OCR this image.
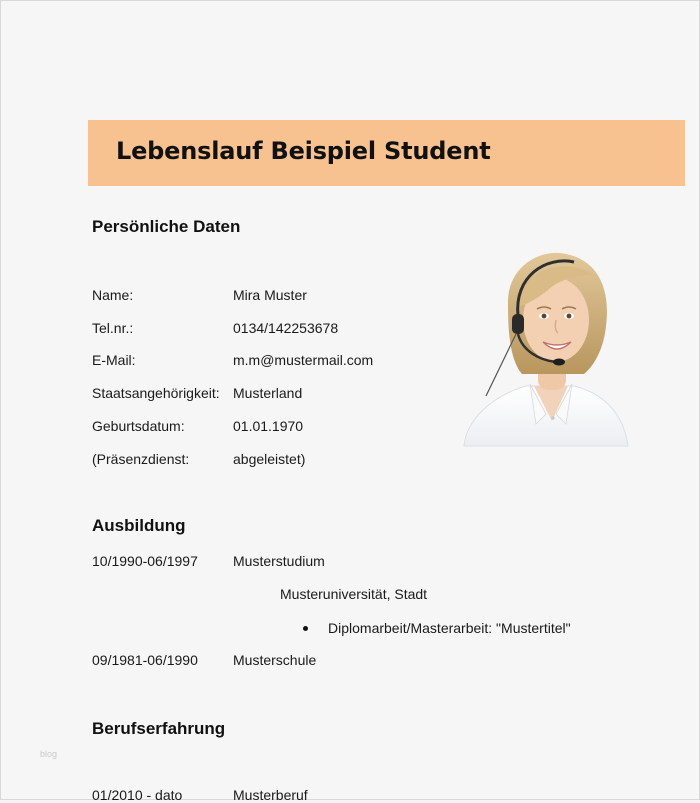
Lebenslauf Beispiel Student
Persönliche Daten
Name:	Mira Muster
Tel.nr.:	0134/142253678
E-Mail:	m.m@mustermail.com
Staatsangehörigkeit: Musterland
Geburtsdatum:	01.01.1970
(Präsenzdienst:	abgeleistet)
Ausbildung
10/1990-06/1997	Musterstudium
Musteruniversität, Stadt
Diplomarbeit/Masterarbeit: "Mustertitel"
09/1981-06/1990	Musterschule
Berufserfahrung
01/2010 - dato	Musterberuf
blog
